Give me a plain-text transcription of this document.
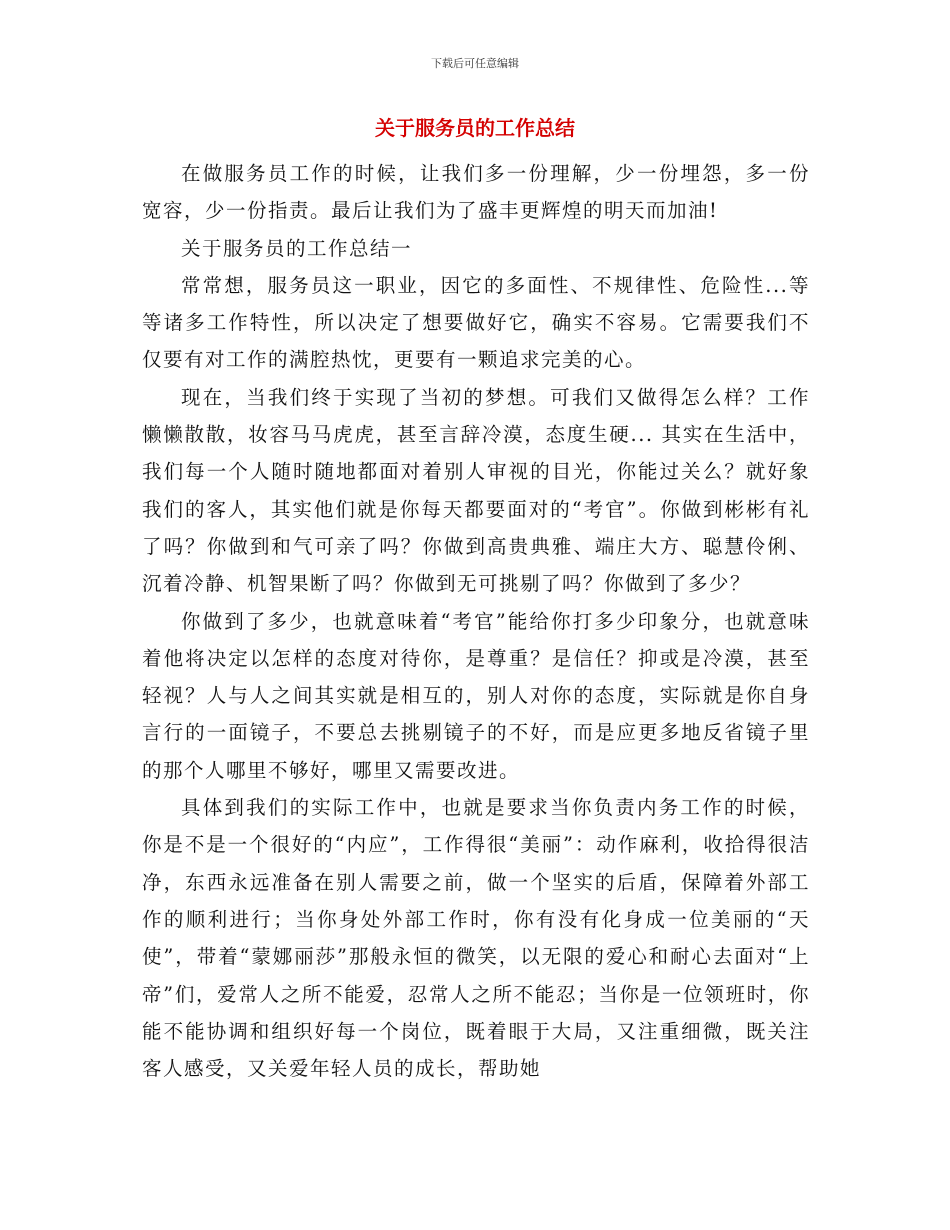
下载后可任意编辑
关于服务员的工作总结

在做服务员工作的时候，让我们多一份理解，少一份埋怨，多一份宽容，少一份指责。最后让我们为了盛丰更辉煌的明天而加油!

关于服务员的工作总结一

常常想，服务员这一职业，因它的多面性、不规律性、危险性...等等诸多工作特性，所以决定了想要做好它，确实不容易。它需要我们不仅要有对工作的满腔热忱，更要有一颗追求完美的心。

现在，当我们终于实现了当初的梦想。可我们又做得怎么样？工作懒懒散散，妆容马马虎虎，甚至言辞冷漠，态度生硬... 其实在生活中，我们每一个人随时随地都面对着别人审视的目光，你能过关么？就好象我们的客人，其实他们就是你每天都要面对的“考官”。你做到彬彬有礼了吗？你做到和气可亲了吗？你做到高贵典雅、端庄大方、聪慧伶俐、沉着冷静、机智果断了吗？你做到无可挑剔了吗？你做到了多少？

你做到了多少，也就意味着“考官”能给你打多少印象分，也就意味着他将决定以怎样的态度对待你，是尊重？是信任？抑或是冷漠，甚至轻视？人与人之间其实就是相互的，别人对你的态度，实际就是你自身言行的一面镜子，不要总去挑剔镜子的不好，而是应更多地反省镜子里的那个人哪里不够好，哪里又需要改进。

具体到我们的实际工作中，也就是要求当你负责内务工作的时候，你是不是一个很好的“内应”，工作得很“美丽”：动作麻利，收拾得很洁净，东西永远准备在别人需要之前，做一个坚实的后盾，保障着外部工作的顺利进行；当你身处外部工作时，你有没有化身成一位美丽的“天使”，带着“蒙娜丽莎”那般永恒的微笑，以无限的爱心和耐心去面对“上帝”们，爱常人之所不能爱，忍常人之所不能忍；当你是一位领班时，你能不能协调和组织好每一个岗位，既着眼于大局，又注重细微，既关注客人感受，又关爱年轻人员的成长，帮助她
